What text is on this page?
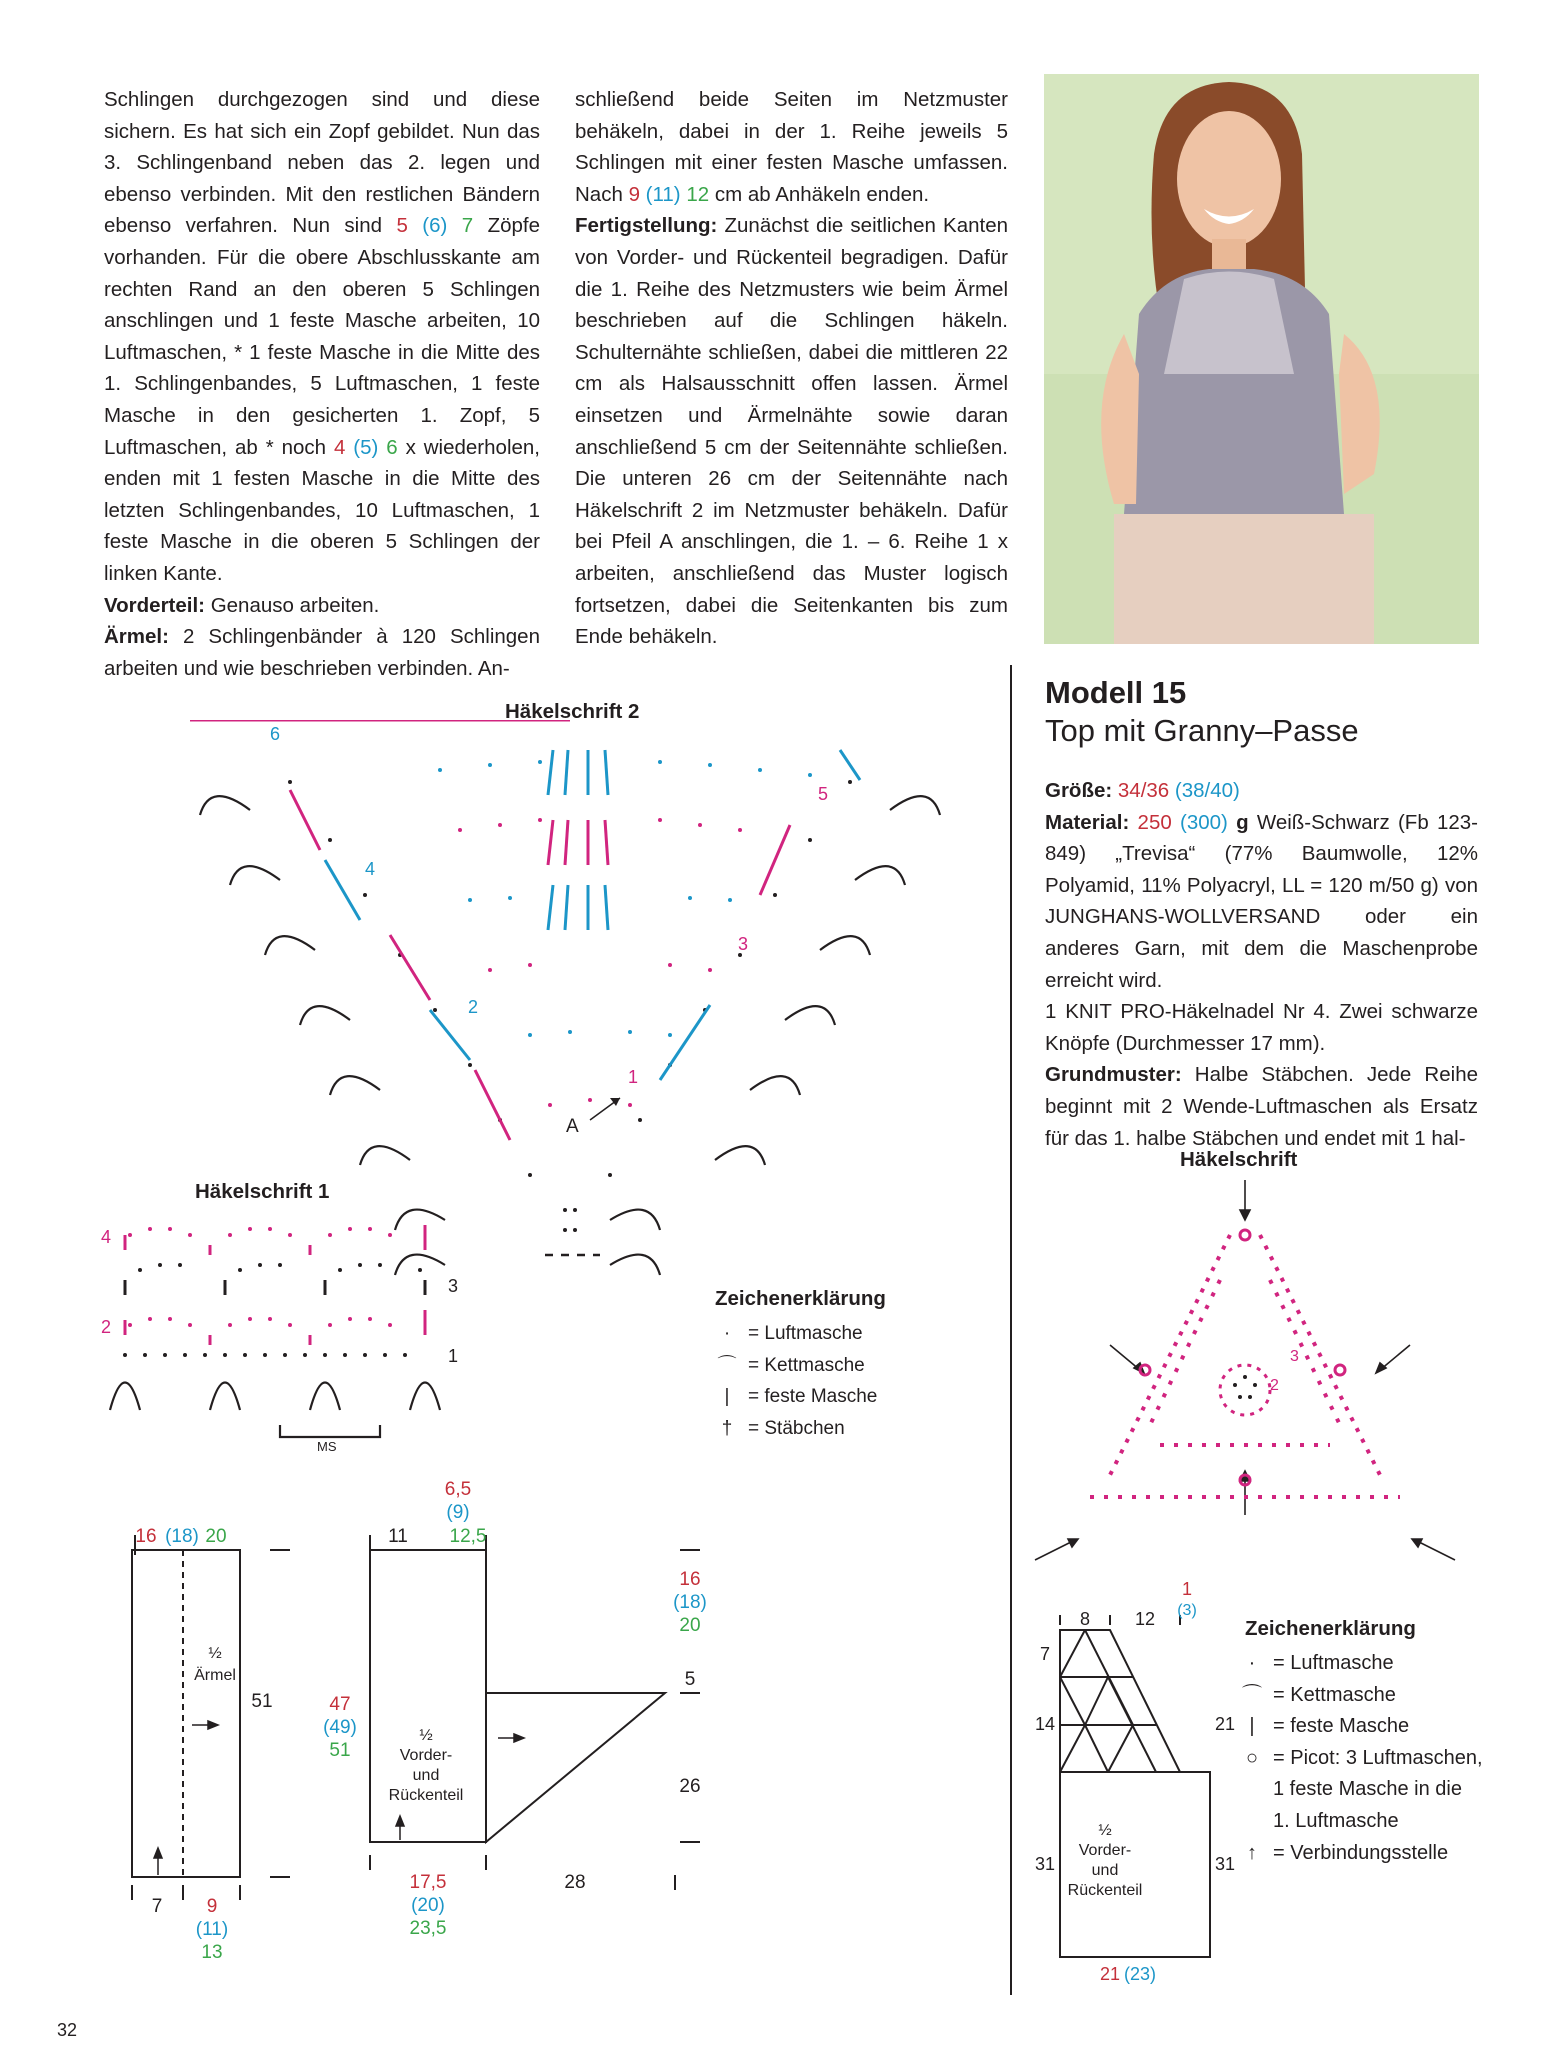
Schlingen durchgezogen sind und diese sichern. Es hat sich ein Zopf gebildet. Nun das 3. Schlingenband neben das 2. legen und ebenso verbinden. Mit den restlichen Bändern ebenso verfahren. Nun sind 5 (6) 7 Zöpfe vorhanden. Für die obere Abschlusskante am rechten Rand an den oberen 5 Schlingen anschlingen und 1 feste Masche arbeiten, 10 Luftmaschen, * 1 feste Masche in die Mitte des 1. Schlingenbandes, 5 Luftmaschen, 1 feste Masche in den gesicherten 1. Zopf, 5 Luftmaschen, ab * noch 4 (5) 6 x wiederholen, enden mit 1 festen Masche in die Mitte des letzten Schlingenbandes, 10 Luftmaschen, 1 feste Masche in die oberen 5 Schlingen der linken Kante.

Vorderteil: Genauso arbeiten.

Ärmel: 2 Schlingenbänder à 120 Schlingen arbeiten und wie beschrieben verbinden. An-

schließend beide Seiten im Netzmuster behäkeln, dabei in der 1. Reihe jeweils 5 Schlingen mit einer festen Masche umfassen. Nach 9 (11) 12 cm ab Anhäkeln enden.

Fertigstellung: Zunächst die seitlichen Kanten von Vorder- und Rückenteil begradigen. Dafür die 1. Reihe des Netzmusters wie beim Ärmel beschrieben auf die Schlingen häkeln. Schulternähte schließen, dabei die mittleren 22 cm als Halsausschnitt offen lassen. Ärmel einsetzen und Ärmelnähte sowie daran anschließend 5 cm der Seitennähte schließen. Die unteren 26 cm der Seitennähte nach Häkelschrift 2 im Netzmuster behäkeln. Dafür bei Pfeil A anschlingen, die 1. – 6. Reihe 1 x arbeiten, anschließend das Muster logisch fortsetzen, dabei die Seitenkanten bis zum Ende behäkeln.

Modell 15
Top mit Granny–Passe

Größe: 34/36 (38/40)

Material: 250 (300) g Weiß-Schwarz (Fb 123-849) „Trevisa“ (77% Baumwolle, 12% Polyamid, 11% Polyacryl, LL = 120 m/50 g) von JUNGHANS-WOLLVERSAND oder ein anderes Garn, mit dem die Maschenprobe erreicht wird.

1 KNIT PRO-Häkelnadel Nr 4. Zwei schwarze Knöpfe (Durchmesser 17 mm).

Grundmuster: Halbe Stäbchen. Jede Reihe beginnt mit 2 Wende-Luftmaschen als Ersatz für das 1. halbe Stäbchen und endet mit 1 hal-

Häkelschrift 2
6
5
4
3
2
1
A
Häkelschrift 1
4
3
2
1
MS
Zeichenerklärung
· = Luftmasche
⌒ = Kettmasche
| = feste Masche
† = Stäbchen
Häkelschrift
2
3
Zeichenerklärung
· = Luftmasche
⌒ = Kettmasche
| = feste Masche
○ = Picot: 3 Luftmaschen,
1 feste Masche in die
1. Luftmasche
↑ = Verbindungsstelle
16 (18) 20
½
Ärmel
51
7 9
(11)
13
11
6,5
(9)
12,5
47
(49)
51
½
Vorder-
und
Rückenteil
17,5
(20)
23,5
16
(18)
20
5
26
28
8 12
1
(3)
7
14
31
21
31
½
Vorder-
und
Rückenteil
21 (23)
32
